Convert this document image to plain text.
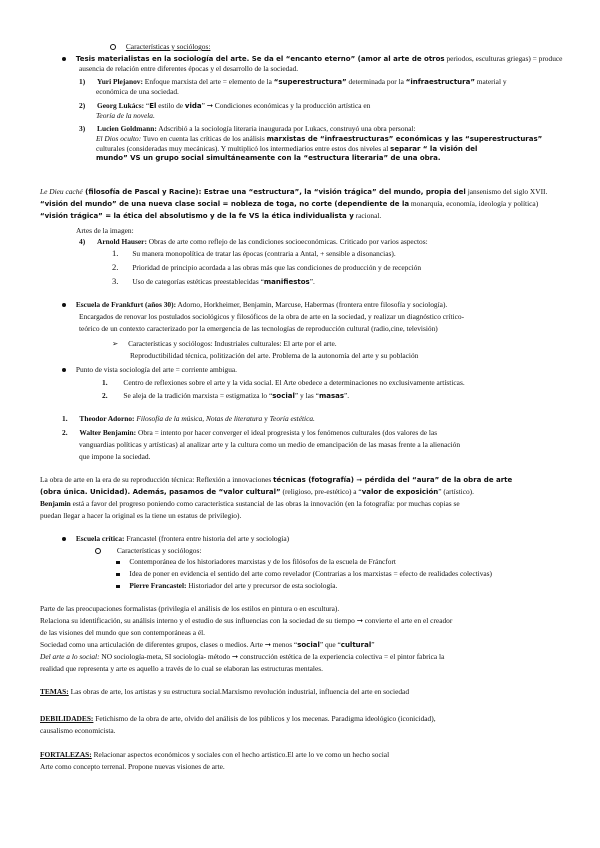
Características y sociólogos:
Tesis materialistas en la sociología del arte. Se da el “encanto eterno” (amor al arte de otros periodos, esculturas griegas) = produce
ausencia de relación entre diferentes épocas y el desarrollo de la sociedad.
1) Yuri Plejanov: Enfoque marxista del arte = elemento de la “superestructura” determinada por la “infraestructura” material y
económica de una sociedad.
2) Georg Lukács: “El estilo de vida” ➞ Condiciones económicas y la producción artística en
Teoría de la novela.
3) Lucien Goldmann: Adscribió a la sociología literaria inaugurada por Lukacs, construyó una obra personal:
El Dios oculto: Tuvo en cuenta las críticas de los análisis marxistas de “infraestructuras” económicas y las “superestructuras”
culturales (consideradas muy mecánicas). Y multiplicó los intermediarios entre estos dos niveles al separar “ la visión del
mundo” VS un grupo social simultáneamente con la “estructura literaria” de una obra.
Le Dieu caché (filosofía de Pascal y Racine): Estrae una “estructura”, la “visión trágica” del mundo, propia del jansenismo del siglo XVII.
“visión del mundo” de una nueva clase social = nobleza de toga, no corte (dependiente de la monarquía, economía, ideología y política)
“visión trágica” = la ética del absolutismo y de la fe VS la ética individualista y racional.
Artes de la imagen:
4) Arnold Hauser: Obras de arte como reflejo de las condiciones socioeconómicas. Criticado por varios aspectos:
1. Su manera monopolítica de tratar las épocas (contraria a Antal, + sensible a disonancias).
2. Prioridad de principio acordada a las obras más que las condiciones de producción y de recepción
3. Uso de categorías estéticas preestablecidas “manifiestos”.
Escuela de Frankfurt (años 30): Adorno, Horkheimer, Benjamin, Marcuse, Habermas (frontera entre filosofía y sociología).
Encargados de renovar los postulados sociológicos y filosóficos de la obra de arte en la sociedad, y realizar un diagnóstico crítico-
teórico de un contexto caracterizado por la emergencia de las tecnologías de reproducción cultural (radio,cine, televisión)
➢ Características y sociólogos: Industriales culturales: El arte por el arte.
Reproductibilidad técnica, politización del arte. Problema de la autonomía del arte y su población
Punto de vista sociología del arte = corriente ambigua.
1. Centro de reflexiones sobre el arte y la vida social. El Arte obedece a determinaciones no exclusivamente artísticas.
2. Se aleja de la tradición marxista = estigmatiza lo “social” y las “masas”.
1. Theodor Adorno: Filosofía de la música, Notas de literatura y Teoría estética.
2. Walter Benjamin: Obra = intento por hacer converger el ideal progresista y los fenómenos culturales (dos valores de las
vanguardias políticas y artísticas) al analizar arte y la cultura como un medio de emancipación de las masas frente a la alienación
que impone la sociedad.
La obra de arte en la era de su reproducción técnica: Reflexión a innovaciones técnicas (fotografía) ➞ pérdida del “aura” de la obra de arte
(obra única. Unicidad). Además, pasamos de “valor cultural” (religioso, pre-estético) a “valor de exposición” (artístico).
Benjamin está a favor del progreso poniendo como característica sustancial de las obras la innovación (en la fotografía: por muchas copias se
puedan llegar a hacer la original es la tiene un estatus de privilegio).
Escuela crítica: Francastel (frontera entre historia del arte y sociología)
Características y sociólogos:
Contemporánea de los historiadores marxistas y de los filósofos de la escuela de Fráncfort
Idea de poner en evidencia el sentido del arte como revelador (Contrarias a los marxistas = efecto de realidades colectivas)
Pierre Francastel: Historiador del arte y precursor de esta sociología.
Parte de las preocupaciones formalistas (privilegia el análisis de los estilos en pintura o en escultura).
Relaciona su identificación, su análisis interno y el estudio de sus influencias con la sociedad de su tiempo ➞ convierte el arte en el creador
de las visiones del mundo que son contemporáneas a él.
Sociedad como una articulación de diferentes grupos, clases o medios. Arte ➞ menos “social” que “cultural”
Del arte a lo social: NO sociología-meta, SI sociología- método ➞ construcción estética de la experiencia colectiva = el pintor fabrica la
realidad que representa y arte es aquello a través de lo cual se elaboran las estructuras mentales.
TEMAS: Las obras de arte, los artistas y su estructura social.Marxismo revolución industrial, influencia del arte en sociedad
DEBILIDADES: Fetichismo de la obra de arte, olvido del análisis de los públicos y los mecenas. Paradigma ideológico (iconicidad),
causalismo economicista.
FORTALEZAS: Relacionar aspectos económicos y sociales con el hecho artístico.El arte lo ve como un hecho social
Arte como concepto terrenal. Propone nuevas visiones de arte.
